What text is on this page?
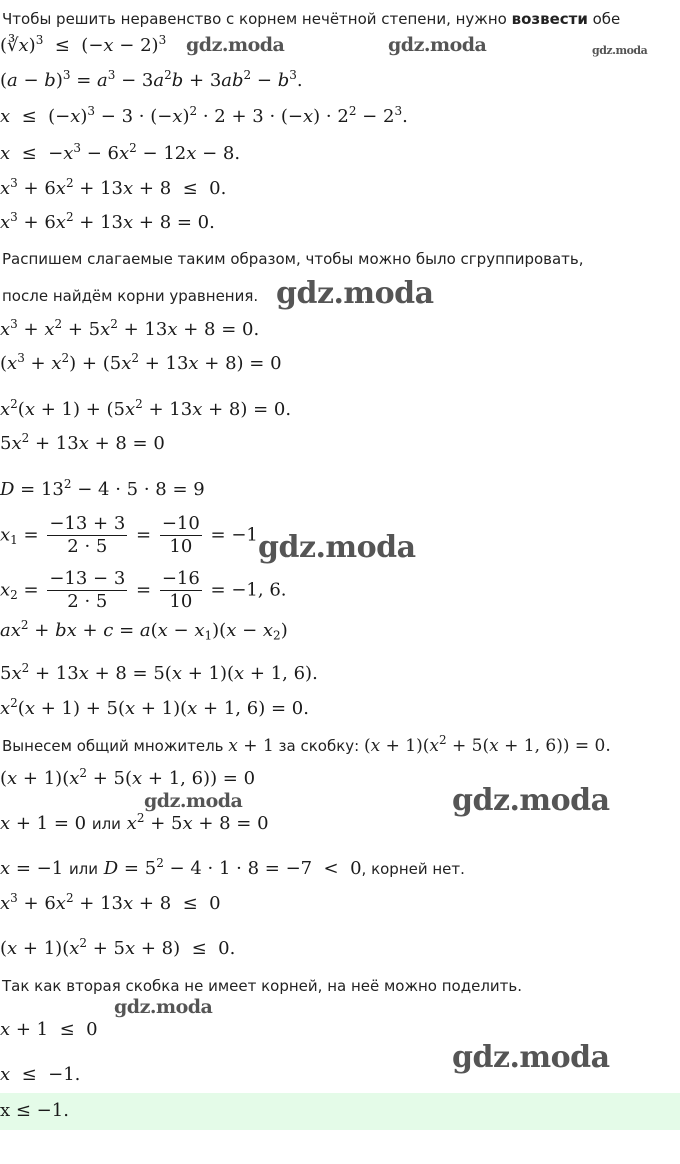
Чтобы решить неравенство с корнем нечётной степени, нужно возвести обе
(∛x)$^3$  ≤  $(-x - 2)^3$ gdz.moda	gdz.moda	gdz.moda
$(a - b)^3 = a^3 - 3a^2b + 3ab^2 - b^3$.
$x \le (-x)^3 - 3 \cdot (-x)^2 \cdot 2 + 3 \cdot (-x) \cdot 2^2 - 2^3$.
$x \le -x^3 - 6x^2 - 12x - 8$.
$x^3 + 6x^2 + 13x + 8 \le 0$.
$x^3 + 6x^2 + 13x + 8 = 0$.
Распишем слагаемые таким образом, чтобы можно было сгруппировать,
после найдём корни уравнения. gdz.moda
$x^3 + x^2 + 5x^2 + 13x + 8 = 0$.
$(x^3 + x^2) + (5x^2 + 13x + 8) = 0$
$x^2(x + 1) + (5x^2 + 13x + 8) = 0$.
$5x^2 + 13x + 8 = 0$
$D = 13^2 - 4 \cdot 5 \cdot 8 = 9$
$x_1 = \frac{-13 + 3}{2 \cdot 5} = \frac{-10}{10} = -1$ gdz.moda
$x_2 = \frac{-13 - 3}{2 \cdot 5} = \frac{-16}{10} = -1$, 6.
$ax^2$ + bx + $c = a(x - x_1)(x - x_2)$
$5x^2 + 13x + 8 = 5(x + 1)(x + 1$, 6).
$x^2(x + 1) + 5(x + 1)(x + 1$, 6) = 0.
Вынесем общий множитель x + 1 за скобку: $(x + 1)(x^2 + 5(x + 1$, 6)) = 0.
$(x + 1)(x^2 + 5(x + 1$, 6)) = 0
gdz.moda	gdz.moda
x + 1 = 0 или $x^2 + 5x + 8 = 0$
x = −1 или $D = 5^2 - 4 \cdot 1 \cdot 8 = -7 < 0$, корней нет.
$x^3 + 6x^2 + 13x + 8 \le 0$
$(x + 1)(x^2 + 5x + 8) \le 0$.
Так как вторая скобка не имеет корней, на неё можно поделить.
gdz.moda
x + 1  ≤  0
x  ≤  −1.	gdz.moda
x ≤ −1.
